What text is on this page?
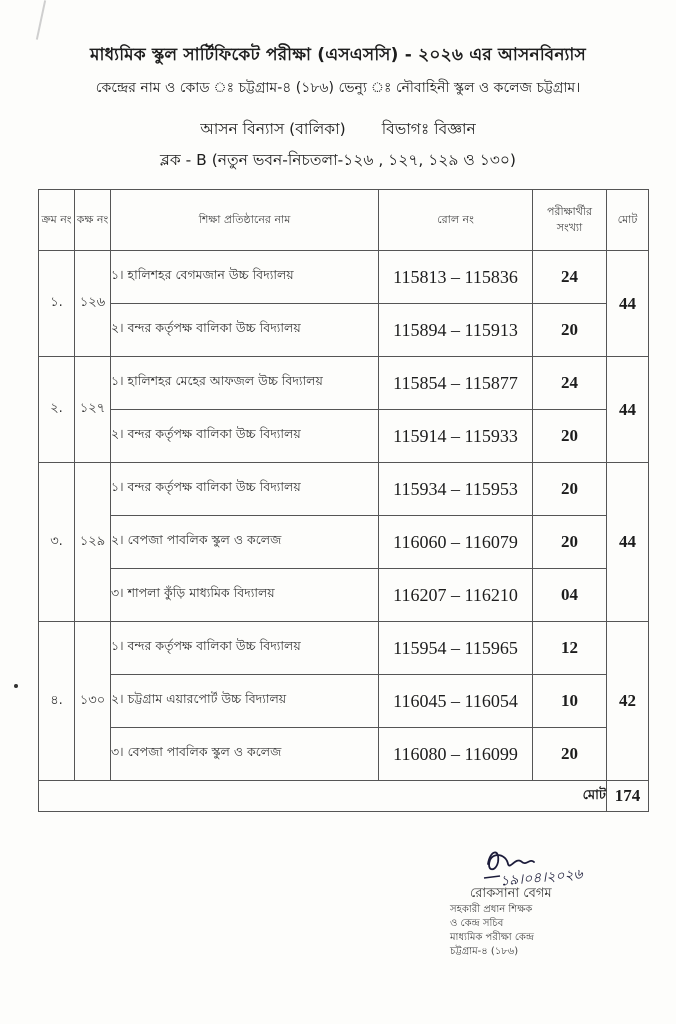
মাধ্যমিক স্কুল সার্টিফিকেট পরীক্ষা (এসএসসি) - ২০২৬ এর আসনবিন্যাস
কেন্দ্রের নাম ও কোড ঃ চট্টগ্রাম-৪ (১৮৬) ভেন্যু ঃ নৌবাহিনী স্কুল ও কলেজ চট্টগ্রাম।
আসন বিন্যাস (বালিকা) বিভাগঃ বিজ্ঞান
ব্লক - B (নতুন ভবন-নিচতলা-১২৬ , ১২৭, ১২৯ ও ১৩০)
ক্রম নং	কক্ষ নং	শিক্ষা প্রতিষ্ঠানের নাম	রোল নং	পরীক্ষার্থীর সংখ্যা	মোট
১.	১২৬	১। হালিশহর বেগমজান উচ্চ বিদ্যালয়	115813 – 115836	24	44
		২। বন্দর কর্তৃপক্ষ বালিকা উচ্চ বিদ্যালয়	115894 – 115913	20	
২.	১২৭	১। হালিশহর মেহের আফজল উচ্চ বিদ্যালয়	115854 – 115877	24	44
		২। বন্দর কর্তৃপক্ষ বালিকা উচ্চ বিদ্যালয়	115914 – 115933	20	
৩.	১২৯	১। বন্দর কর্তৃপক্ষ বালিকা উচ্চ বিদ্যালয়	115934 – 115953	20	44
		২। বেপজা পাবলিক স্কুল ও কলেজ	116060 – 116079	20	
		৩। শাপলা কুঁড়ি মাধ্যমিক বিদ্যালয়	116207 – 116210	04	
৪.	১৩০	১। বন্দর কর্তৃপক্ষ বালিকা উচ্চ বিদ্যালয়	115954 – 115965	12	42
		২। চট্টগ্রাম এয়ারপোর্ট উচ্চ বিদ্যালয়	116045 – 116054	10	
		৩। বেপজা পাবলিক স্কুল ও কলেজ	116080 – 116099	20	
মোট					174
১৯।০৪।২০২৬
রোকসানা বেগম
সহকারী প্রধান শিক্ষক
ও কেন্দ্র সচিব
মাধ্যমিক পরীক্ষা কেন্দ্র
চট্টগ্রাম-৪ (১৮৬)
